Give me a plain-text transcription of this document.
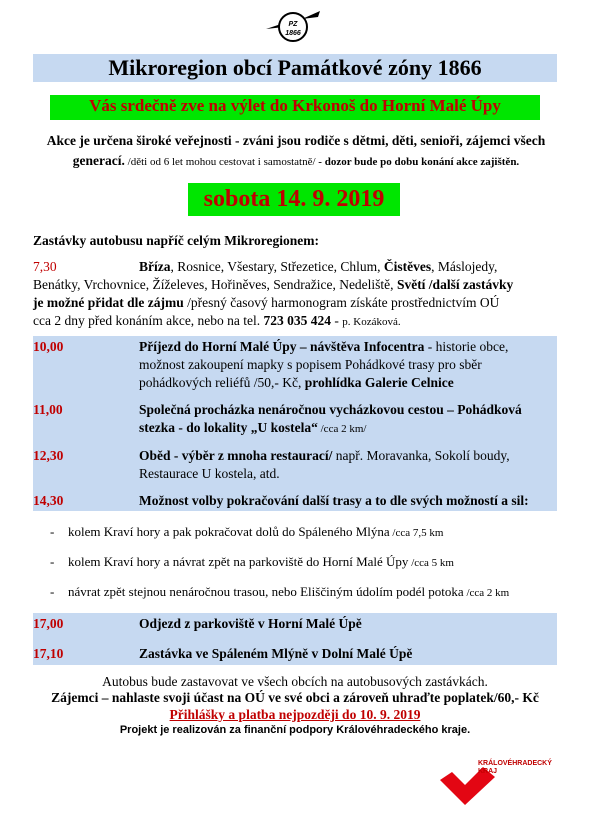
PZ
1866
Mikroregion obcí Památkové zóny 1866
Vás srdečně zve na výlet do Krkonoš do Horní Malé Úpy
Akce je určena široké veřejnosti - zváni jsou rodiče s dětmi, děti, senioři, zájemci všech
generací. /děti od 6 let mohou cestovat i samostatně/ - dozor bude po dobu konání akce zajištěn.
sobota 14. 9. 2019
Zastávky autobusu napříč celým Mikroregionem:
7,30	Bříza, Rosnice, Všestary, Střezetice, Chlum, Čistěves, Máslojedy,
Benátky, Vrchovnice, Žíželeves, Hořiněves, Sendražice, Nedeliště, Světí /další zastávky
je možné přidat dle zájmu /přesný časový harmonogram získáte prostřednictvím OÚ
cca 2 dny před konáním akce, nebo na tel. 723 035 424 - p. Kozáková.
10,00	Příjezd do Horní Malé Úpy – návštěva Infocentra - historie obce,
možnost zakoupení mapky s popisem Pohádkové trasy pro sběr
pohádkových reliéfů /50,- Kč, prohlídka Galerie Celnice
11,00	Společná procházka nenáročnou vycházkovou cestou – Pohádková
stezka - do lokality „U kostela“ /cca 2 km/
12,30	Oběd - výběr z mnoha restaurací/ např. Moravanka, Sokolí boudy,
Restaurace U kostela, atd.
14,30	Možnost volby pokračování další trasy a to dle svých možností a sil:
- kolem Kraví hory a pak pokračovat dolů do Spáleného Mlýna /cca 7,5 km
- kolem Kraví hory a návrat zpět na parkoviště do Horní Malé Úpy /cca 5 km
- návrat zpět stejnou nenáročnou trasou, nebo Eliščiným údolím podél potoka /cca 2 km
17,00	Odjezd z parkoviště v Horní Malé Úpě
17,10	Zastávka ve Spáleném Mlýně v Dolní Malé Úpě
Autobus bude zastavovat ve všech obcích na autobusových zastávkách.
Zájemci – nahlaste svoji účast na OÚ ve své obci a zároveň uhraďte poplatek/60,- Kč
Přihlášky a platba nejpozději do 10. 9. 2019
Projekt je realizován za finanční podpory Královéhradeckého kraje.
KRÁLOVÉHRADECKÝ
KRAJ
